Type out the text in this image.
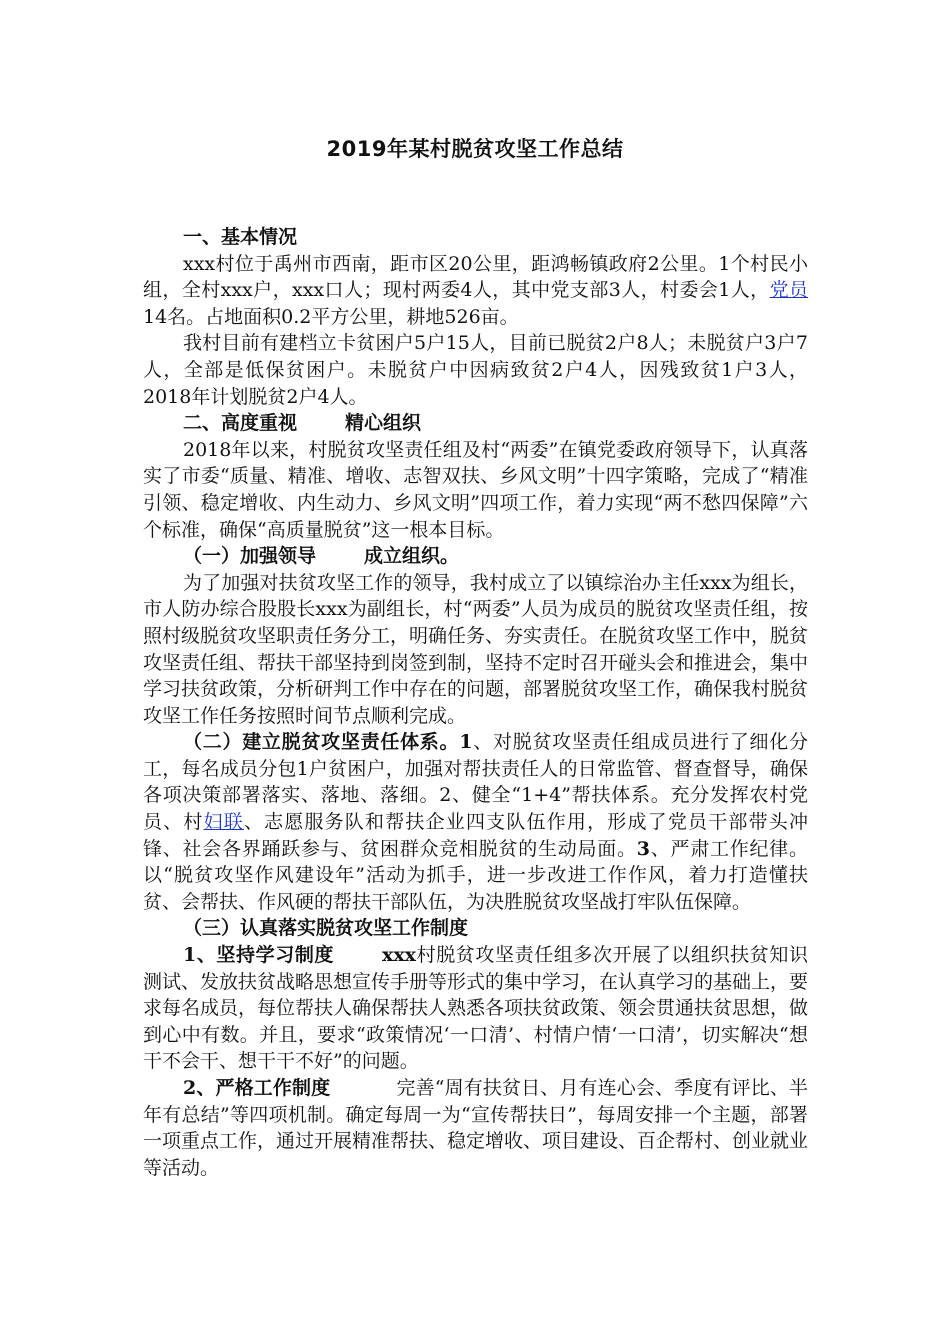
2019年某村脱贫攻坚工作总结

一、基本情况

xxx村位于禹州市西南，距市区20公里，距鸿畅镇政府2公里。1个村民小组，全村xxx户，xxx口人；现村两委4人，其中党支部3人，村委会1人，党员14名。占地面积0.2平方公里，耕地526亩。

我村目前有建档立卡贫困户5户15人，目前已脱贫2户8人；未脱贫户3户7人，全部是低保贫困户。未脱贫户中因病致贫2户4人，因残致贫1户3人，2018年计划脱贫2户4人。

二、高度重视	精心组织

2018年以来，村脱贫攻坚责任组及村“两委”在镇党委政府领导下，认真落实了市委“质量、精准、增收、志智双扶、乡风文明”十四字策略，完成了“精准引领、稳定增收、内生动力、乡风文明”四项工作，着力实现“两不愁四保障”六个标准，确保“高质量脱贫”这一根本目标。

（一）加强领导	成立组织。

为了加强对扶贫攻坚工作的领导，我村成立了以镇综治办主任xxx为组长，市人防办综合股股长xxx为副组长，村“两委”人员为成员的脱贫攻坚责任组，按照村级脱贫攻坚职责任务分工，明确任务、夯实责任。在脱贫攻坚工作中，脱贫攻坚责任组、帮扶干部坚持到岗签到制，坚持不定时召开碰头会和推进会，集中学习扶贫政策，分析研判工作中存在的问题，部署脱贫攻坚工作，确保我村脱贫攻坚工作任务按照时间节点顺利完成。

（二）建立脱贫攻坚责任体系。1、对脱贫攻坚责任组成员进行了细化分工，每名成员分包1户贫困户，加强对帮扶责任人的日常监管、督查督导，确保各项决策部署落实、落地、落细。2、健全“1+4”帮扶体系。充分发挥农村党员、村妇联、志愿服务队和帮扶企业四支队伍作用，形成了党员干部带头冲锋、社会各界踊跃参与、贫困群众竞相脱贫的生动局面。3、严肃工作纪律。以“脱贫攻坚作风建设年”活动为抓手，进一步改进工作作风，着力打造懂扶贫、会帮扶、作风硬的帮扶干部队伍，为决胜脱贫攻坚战打牢队伍保障。

（三）认真落实脱贫攻坚工作制度

1、坚持学习制度	xxx村脱贫攻坚责任组多次开展了以组织扶贫知识测试、发放扶贫战略思想宣传手册等形式的集中学习，在认真学习的基础上，要求每名成员，每位帮扶人确保帮扶人熟悉各项扶贫政策、领会贯通扶贫思想，做到心中有数。并且，要求“政策情况‘一口清’、村情户情‘一口清’，切实解决“想干不会干、想干干不好”的问题。

2、严格工作制度	完善“周有扶贫日、月有连心会、季度有评比、半年有总结”等四项机制。确定每周一为“宣传帮扶日”，每周安排一个主题，部署一项重点工作，通过开展精准帮扶、稳定增收、项目建设、百企帮村、创业就业等活动。
